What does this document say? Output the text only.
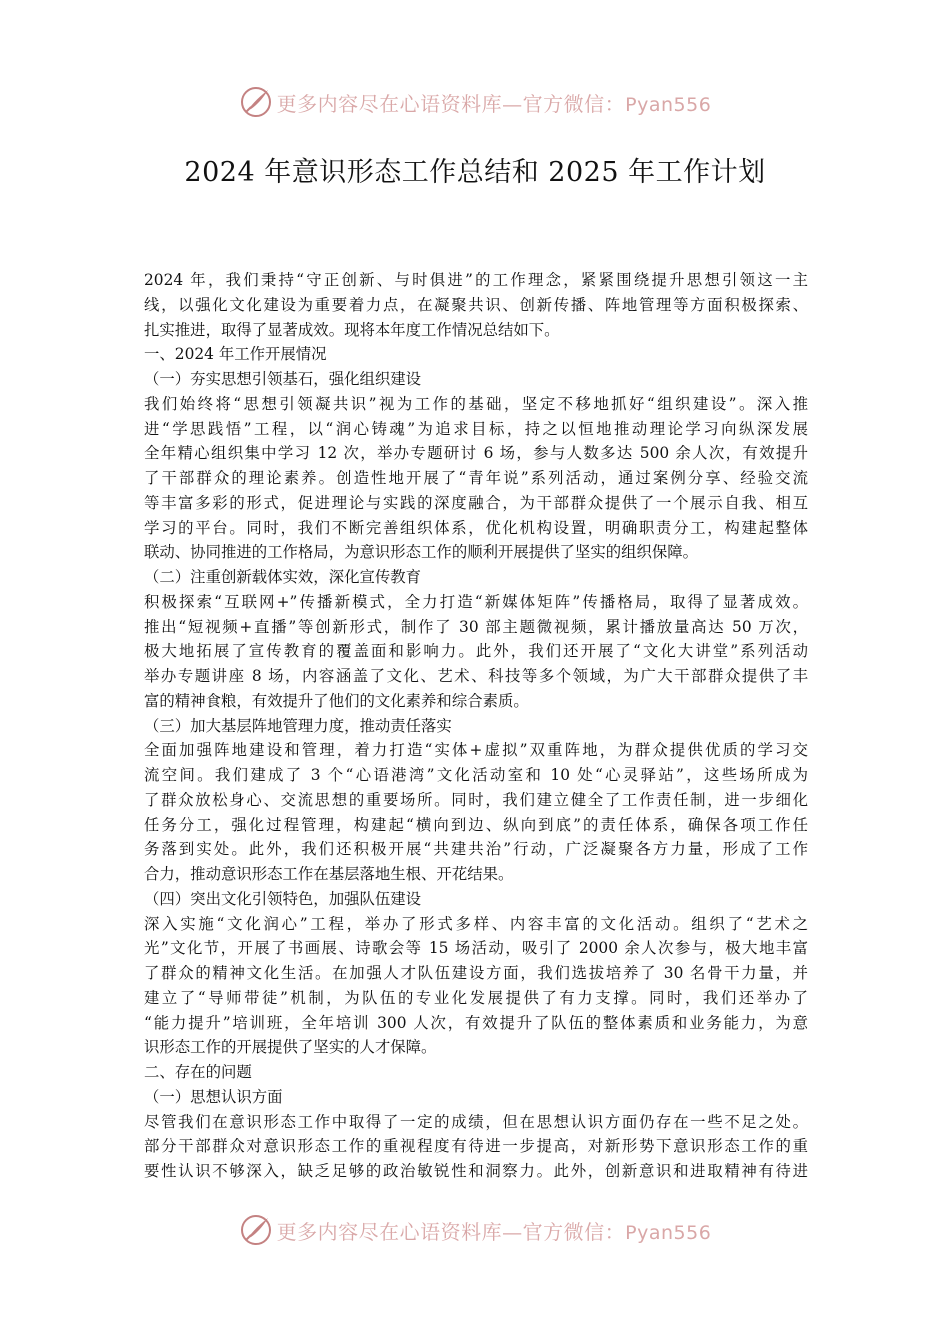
更多内容尽在心语资料库—官方微信：Pyan556
2024 年意识形态工作总结和 2025 年工作计划
2024 年，我们秉持“守正创新、与时俱进”的工作理念，紧紧围绕提升思想引领这一主
线，以强化文化建设为重要着力点，在凝聚共识、创新传播、阵地管理等方面积极探索、
扎实推进，取得了显著成效。现将本年度工作情况总结如下。
一、2024 年工作开展情况
（一）夯实思想引领基石，强化组织建设
我们始终将“思想引领凝共识”视为工作的基础，坚定不移地抓好“组织建设”。深入推
进“学思践悟”工程，以“润心铸魂”为追求目标，持之以恒地推动理论学习向纵深发展
全年精心组织集中学习 12 次，举办专题研讨 6 场，参与人数多达 500 余人次，有效提升
了干部群众的理论素养。创造性地开展了“青年说”系列活动，通过案例分享、经验交流
等丰富多彩的形式，促进理论与实践的深度融合，为干部群众提供了一个展示自我、相互
学习的平台。同时，我们不断完善组织体系，优化机构设置，明确职责分工，构建起整体
联动、协同推进的工作格局，为意识形态工作的顺利开展提供了坚实的组织保障。
（二）注重创新载体实效，深化宣传教育
积极探索“互联网+”传播新模式，全力打造“新媒体矩阵”传播格局，取得了显著成效。
推出“短视频+直播”等创新形式，制作了 30 部主题微视频，累计播放量高达 50 万次，
极大地拓展了宣传教育的覆盖面和影响力。此外，我们还开展了“文化大讲堂”系列活动
举办专题讲座 8 场，内容涵盖了文化、艺术、科技等多个领域，为广大干部群众提供了丰
富的精神食粮，有效提升了他们的文化素养和综合素质。
（三）加大基层阵地管理力度，推动责任落实
全面加强阵地建设和管理，着力打造“实体+虚拟”双重阵地，为群众提供优质的学习交
流空间。我们建成了 3 个“心语港湾”文化活动室和 10 处“心灵驿站”，这些场所成为
了群众放松身心、交流思想的重要场所。同时，我们建立健全了工作责任制，进一步细化
任务分工，强化过程管理，构建起“横向到边、纵向到底”的责任体系，确保各项工作任
务落到实处。此外，我们还积极开展“共建共治”行动，广泛凝聚各方力量，形成了工作
合力，推动意识形态工作在基层落地生根、开花结果。
（四）突出文化引领特色，加强队伍建设
深入实施“文化润心”工程，举办了形式多样、内容丰富的文化活动。组织了“艺术之
光”文化节，开展了书画展、诗歌会等 15 场活动，吸引了 2000 余人次参与，极大地丰富
了群众的精神文化生活。在加强人才队伍建设方面，我们选拔培养了 30 名骨干力量，并
建立了“导师带徒”机制，为队伍的专业化发展提供了有力支撑。同时，我们还举办了
“能力提升”培训班，全年培训 300 人次，有效提升了队伍的整体素质和业务能力，为意
识形态工作的开展提供了坚实的人才保障。
二、存在的问题
（一）思想认识方面
尽管我们在意识形态工作中取得了一定的成绩，但在思想认识方面仍存在一些不足之处。
部分干部群众对意识形态工作的重视程度有待进一步提高，对新形势下意识形态工作的重
要性认识不够深入，缺乏足够的政治敏锐性和洞察力。此外，创新意识和进取精神有待进
更多内容尽在心语资料库—官方微信：Pyan556
